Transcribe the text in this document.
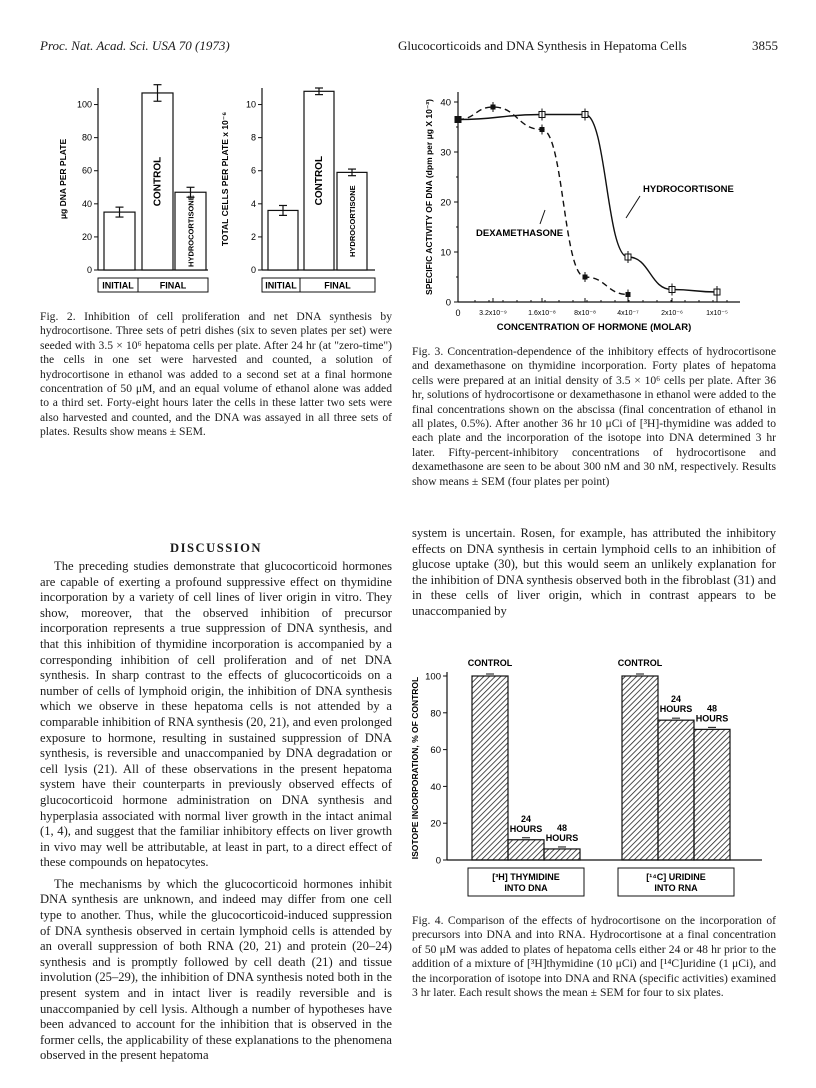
Proc. Nat. Acad. Sci. USA 70 (1973)	Glucocorticoids and DNA Synthesis in Hepatoma Cells	3855
100
80
60
40
20
0
μg DNA PER PLATE	CONTROL
HYDROCORTISONE
INITIAL	FINAL
10
8
6
4
2
0
TOTAL CELLS PER PLATE x 10⁻⁶	CONTROL
HYDROCORTISONE
INITIAL	FINAL
40
30
20
10
0
0	3.2x10⁻⁹	1.6x10⁻⁸	8x10⁻⁸	4x10⁻⁷	2x10⁻⁶	1x10⁻⁵
CONCENTRATION OF HORMONE (MOLAR)
SPECIFIC ACTIVITY OF DNA (dpm per μg X 10⁻³)	HYDROCORTISONE
DEXAMETHASONE
100
80
60
40
20
0
ISOTOPE INCORPORATION, % OF CONTROL
CONTROL
24
HOURS 48
HOURS
[³H] THYMIDINE
INTO DNA
CONTROL
24
HOURS 48
HOURS
[¹⁴C] URIDINE
INTO RNA
Fig. 2. Inhibition of cell proliferation and net DNA synthesis by hydrocortisone. Three sets of petri dishes (six to seven plates per set) were seeded with 3.5 × 10⁶ hepatoma cells per plate. After 24 hr (at "zero-time") the cells in one set were harvested and counted, a solution of hydrocortisone in ethanol was added to a second set at a final hormone concentration of 50 μM, and an equal volume of ethanol alone was added to a third set. Forty-eight hours later the cells in these latter two sets were also harvested and counted, and the DNA was assayed in all three sets of plates. Results show means ± SEM.
Fig. 3. Concentration-dependence of the inhibitory effects of hydrocortisone and dexamethasone on thymidine incorporation. Forty plates of hepatoma cells were prepared at an initial density of 3.5 × 10⁶ cells per plate. After 36 hr, solutions of hydrocortisone or dexamethasone in ethanol were added to the final concentrations shown on the abscissa (final concentration of ethanol in all plates, 0.5%). After another 36 hr 10 μCi of [³H]-thymidine was added to each plate and the incorporation of the isotope into DNA determined 3 hr later. Fifty-percent-inhibitory concentrations of hydrocortisone and dexamethasone are seen to be about 300 nM and 30 nM, respectively. Results show means ± SEM (four plates per point)
Fig. 4. Comparison of the effects of hydrocortisone on the incorporation of precursors into DNA and into RNA. Hydrocortisone at a final concentration of 50 μM was added to plates of hepatoma cells either 24 or 48 hr prior to the addition of a mixture of [³H]thymidine (10 μCi) and [¹⁴C]uridine (1 μCi), and the incorporation of isotope into DNA and RNA (specific activities) examined 3 hr later. Each result shows the mean ± SEM for four to six plates.
DISCUSSION

The preceding studies demonstrate that glucocorticoid hormones are capable of exerting a profound suppressive effect on thymidine incorporation by a variety of cell lines of liver origin in vitro. They show, moreover, that the observed inhibition of precursor incorporation represents a true suppression of DNA synthesis, and that this inhibition of thymidine incorporation is accompanied by a corresponding inhibition of cell proliferation and of net DNA synthesis. In sharp contrast to the effects of glucocorticoids on a number of cells of lymphoid origin, the inhibition of DNA synthesis which we observe in these hepatoma cells is not attended by a comparable inhibition of RNA synthesis (20, 21), and even prolonged exposure to hormone, resulting in sustained suppression of DNA synthesis, is reversible and unaccompanied by DNA degradation or cell lysis (21). All of these observations in the present hepatoma system have their counterparts in previously observed effects of glucocorticoid hormone administration on DNA synthesis and hyperplasia associated with normal liver growth in the intact animal (1, 4), and suggest that the familiar inhibitory effects on liver growth in vivo may well be attributable, at least in part, to a direct effect of these compounds on hepatocytes.

The mechanisms by which the glucocorticoid hormones inhibit DNA synthesis are unknown, and indeed may differ from one cell type to another. Thus, while the glucocorticoid-induced suppression of DNA synthesis observed in certain lymphoid cells is attended by an overall suppression of both RNA (20, 21) and protein (20–24) synthesis and is promptly followed by cell death (21) and tissue involution (25–29), the inhibition of DNA synthesis noted both in the present system and in intact liver is readily reversible and is unaccompanied by cell lysis. Although a number of hypotheses have been advanced to account for the inhibition that is observed in the former cells, the applicability of these explanations to the phenomena observed in the present hepatoma

system is uncertain. Rosen, for example, has attributed the inhibitory effects on DNA synthesis in certain lymphoid cells to an inhibition of glucose uptake (30), but this would seem an unlikely explanation for the inhibition of DNA synthesis observed both in the fibroblast (31) and in these cells of liver origin, which in contrast appears to be unaccompanied by
